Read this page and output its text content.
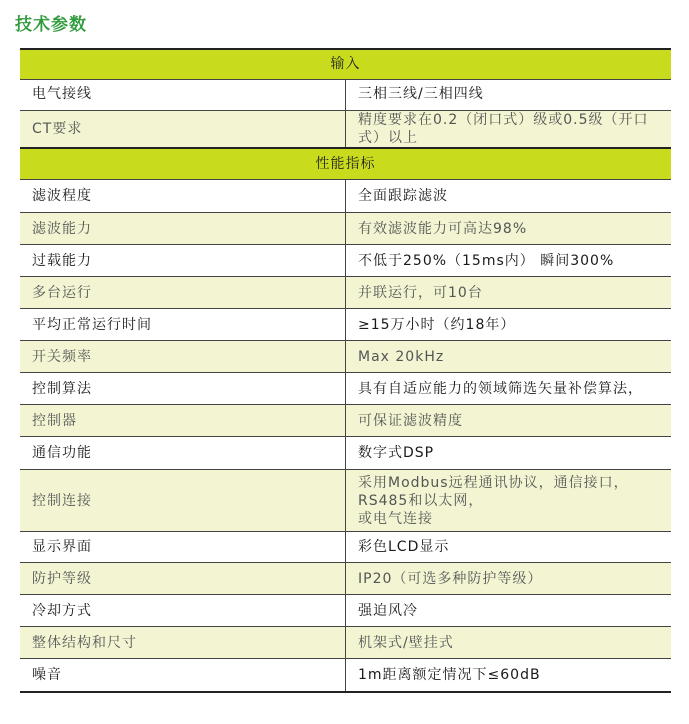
技术参数
输入	
电气接线	三相三线/三相四线
CT要求	精度要求在0.2（闭口式）级或0.5级（开口式）以上
性能指标	
滤波程度	全面跟踪滤波
滤波能力	有效滤波能力可高达98%
过载能力	不低于250%（15ms内） 瞬间300%
多台运行	并联运行，可10台
平均正常运行时间	≥15万小时（约18年）
开关频率	Max 20kHz
控制算法	具有自适应能力的领域筛选矢量补偿算法，
控制器	可保证滤波精度
通信功能	数字式DSP
控制连接	采用Modbus远程通讯协议，通信接口，RS485和以太网，
或电气连接

显示界面	彩色LCD显示
防护等级	IP20（可选多种防护等级）
冷却方式	强迫风冷
整体结构和尺寸	机架式/壁挂式
噪音	1m距离额定情况下≤60dB
